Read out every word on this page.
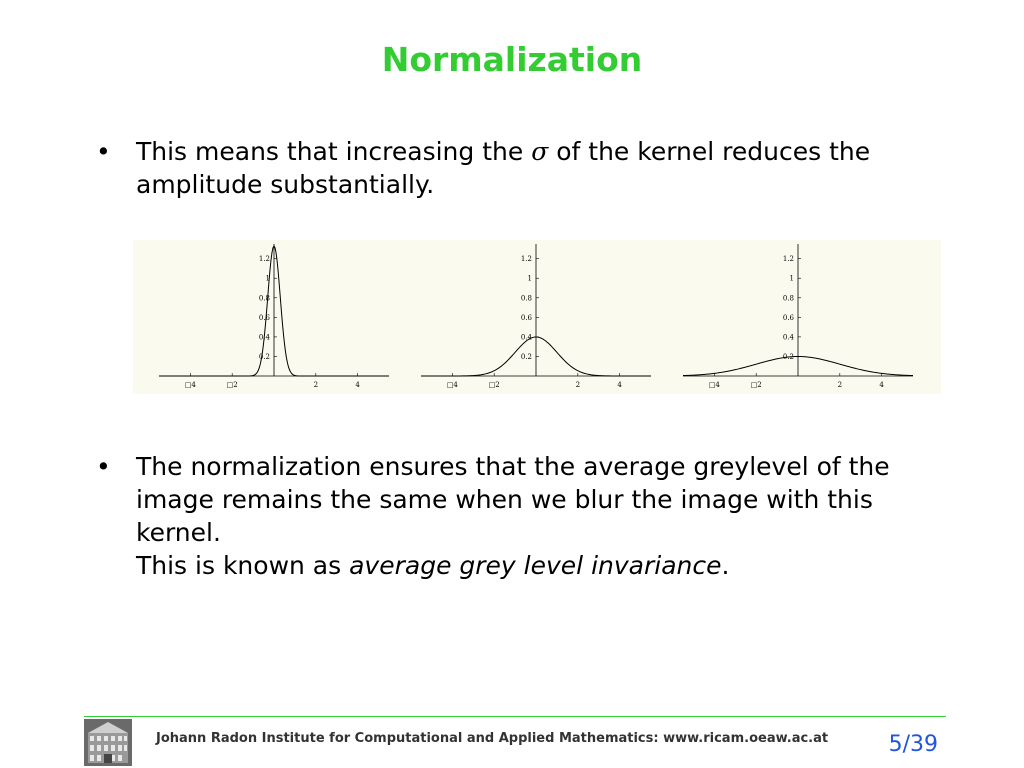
Normalization
• This means that increasing the σ of the kernel reduces the amplitude substantially.
□4	□2	2	4
0.2
0.4
0.6
0.8
1
1.2
□4	□2	2	4
0.2
0.4
0.6
0.8
1
1.2
□4	□2	2	4
0.2
0.4
0.6
0.8
1
1.2
• The normalization ensures that the average greylevel of the image remains the same when we blur the image with this kernel.
This is known as average grey level invariance.
Johann Radon Institute for Computational and Applied Mathematics: www.ricam.oeaw.ac.at	5/39
